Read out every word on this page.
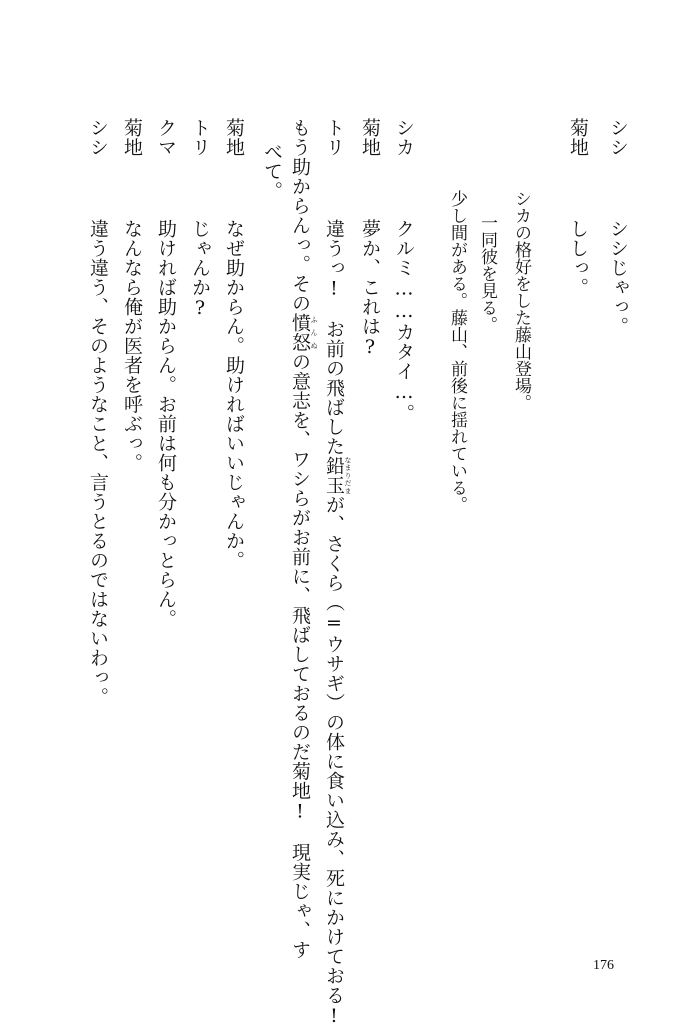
シシシシじゃっ。
菊地ししっ。
シカの格好をした藤山登場。
一同彼を見る。
少し間がある。藤山、前後に揺れている。
シカクルミ……カタイ…。
菊地夢か、これは?
トリ違うっ!　お前の飛ばした鉛玉 なまりだまが、さくら（=ウサギ）の体に食い込み、死にかけておる!
もう助からんっ。その憤怒 ふんぬの意志を、ワシらがお前に、飛ばしておるのだ菊地!　現実じゃ、す
べて。
菊地なぜ助からん。助ければいいじゃんか。
トリじゃんか?
クマ助ければ助からん。お前は何も分かっとらん。
菊地なんなら俺が医者を呼ぶっ。
シシ違う違う、そのようなこと、言うとるのではないわっ。
176
